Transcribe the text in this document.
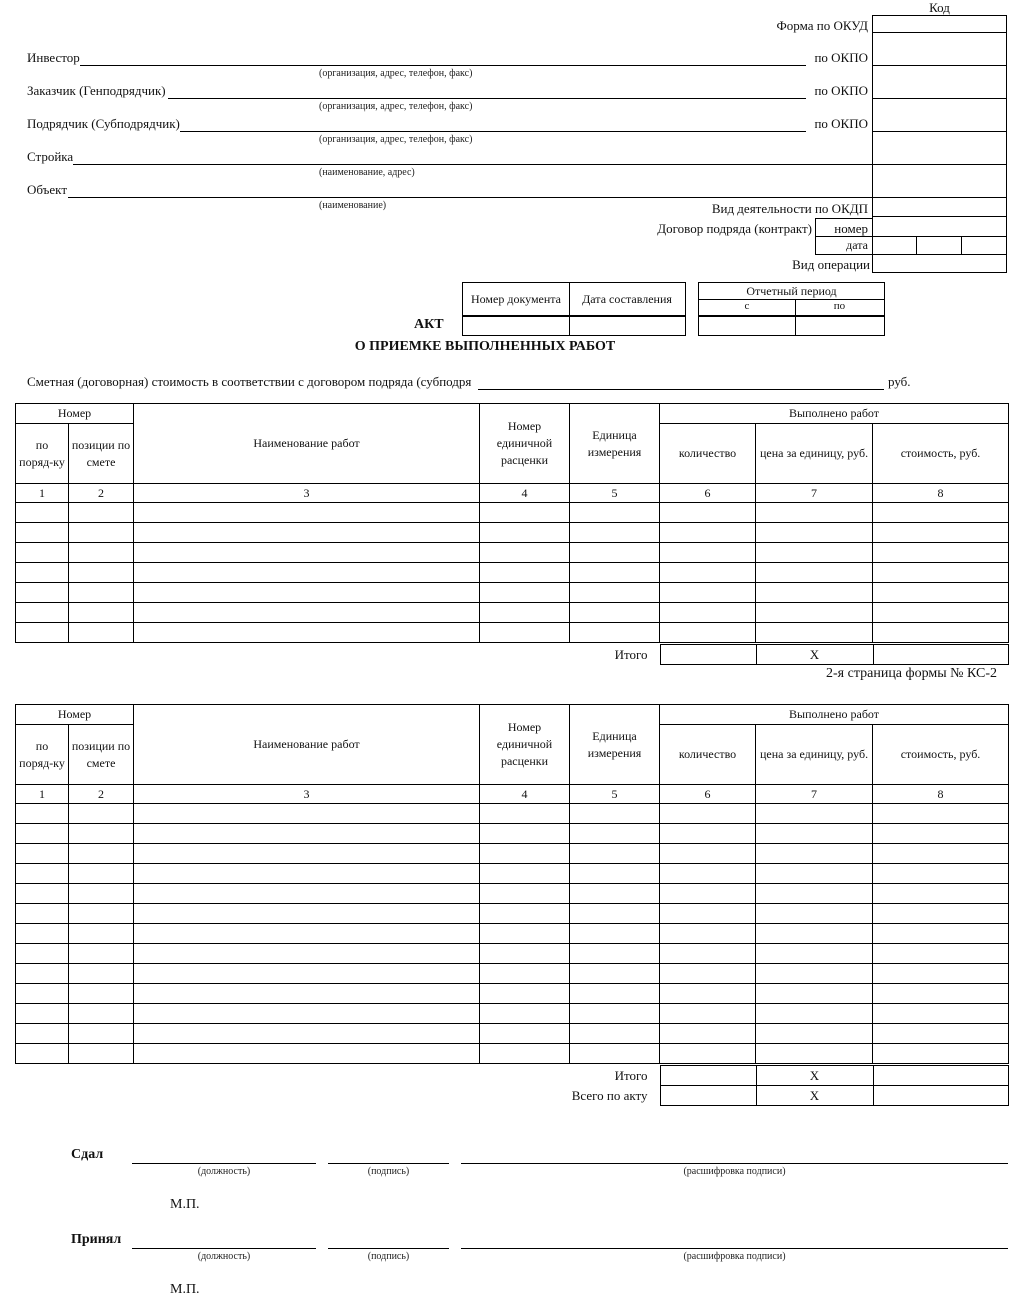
Код
Форма по ОКУД
Инвестор	по ОКПО
(организация, адрес, телефон, факс)
Заказчик (Генподрядчик)	по ОКПО
(организация, адрес, телефон, факс)
Подрядчик (Субподрядчик)	по ОКПО
(организация, адрес, телефон, факс)
Стройка
(наименование, адрес)
Объект
(наименование)	Вид деятельности по ОКДП
Договор подряда (контракт)	номер
дата
Вид операции
Номер документа	Дата составления
Отчетный период
с	по
АКТ
О ПРИЕМКЕ ВЫПОЛНЕННЫХ РАБОТ
Сметная (договорная) стоимость в соответствии с договором подряда (субподря	руб.
Номер		Наименование работ	Номер единичной расценки	Единица измерения	Выполнено работ		
по поряд-ку	позиции по смете				количество	цена за единицу, руб.	стоимость, руб.
1	2	3	4	5	6	7	8

Итого		X	
2-я страница формы № КС-2
Номер		Наименование работ	Номер единичной расценки	Единица измерения	Выполнено работ		
по поряд-ку	позиции по смете				количество	цена за единицу, руб.	стоимость, руб.
1	2	3	4	5	6	7	8

Итого		X	
Всего по акту		X	
Сдал
(должность)	(подпись)	(расшифровка подписи)
М.П.
Принял
(должность)	(подпись)	(расшифровка подписи)
М.П.
